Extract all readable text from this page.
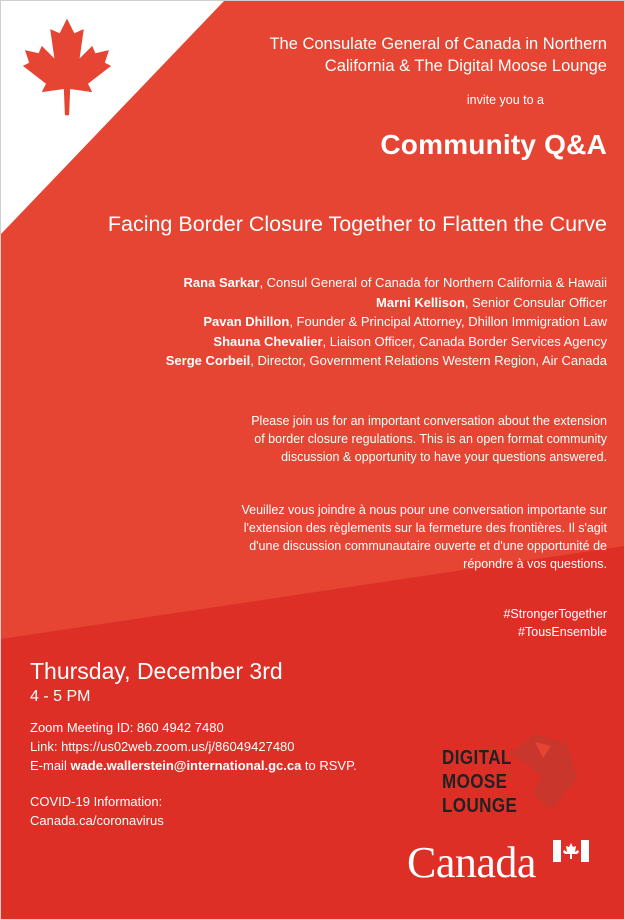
The Consulate General of Canada in Northern
California & The Digital Moose Lounge
invite you to a
Community Q&A
Facing Border Closure Together to Flatten the Curve
Rana Sarkar, Consul General of Canada for Northern California & Hawaii
Marni Kellison, Senior Consular Officer
Pavan Dhillon, Founder & Principal Attorney, Dhillon Immigration Law
Shauna Chevalier, Liaison Officer, Canada Border Services Agency
Serge Corbeil, Director, Government Relations Western Region, Air Canada
Please join us for an important conversation about the extension
of border closure regulations. This is an open format community
discussion & opportunity to have your questions answered.
Veuillez vous joindre à nous pour une conversation importante sur
l'extension des règlements sur la fermeture des frontières. Il s'agit
d'une discussion communautaire ouverte et d'une opportunité de
répondre à vos questions.
#StrongerTogether
#TousEnsemble
Thursday, December 3rd
4 - 5 PM
Zoom Meeting ID: 860 4942 7480
Link: https://us02web.zoom.us/j/86049427480
E-mail wade.wallerstein@international.gc.ca to RSVP.
COVID-19 Information:
Canada.ca/coronavirus
DIGITAL
MOOSE
LOUNGE
Canada
